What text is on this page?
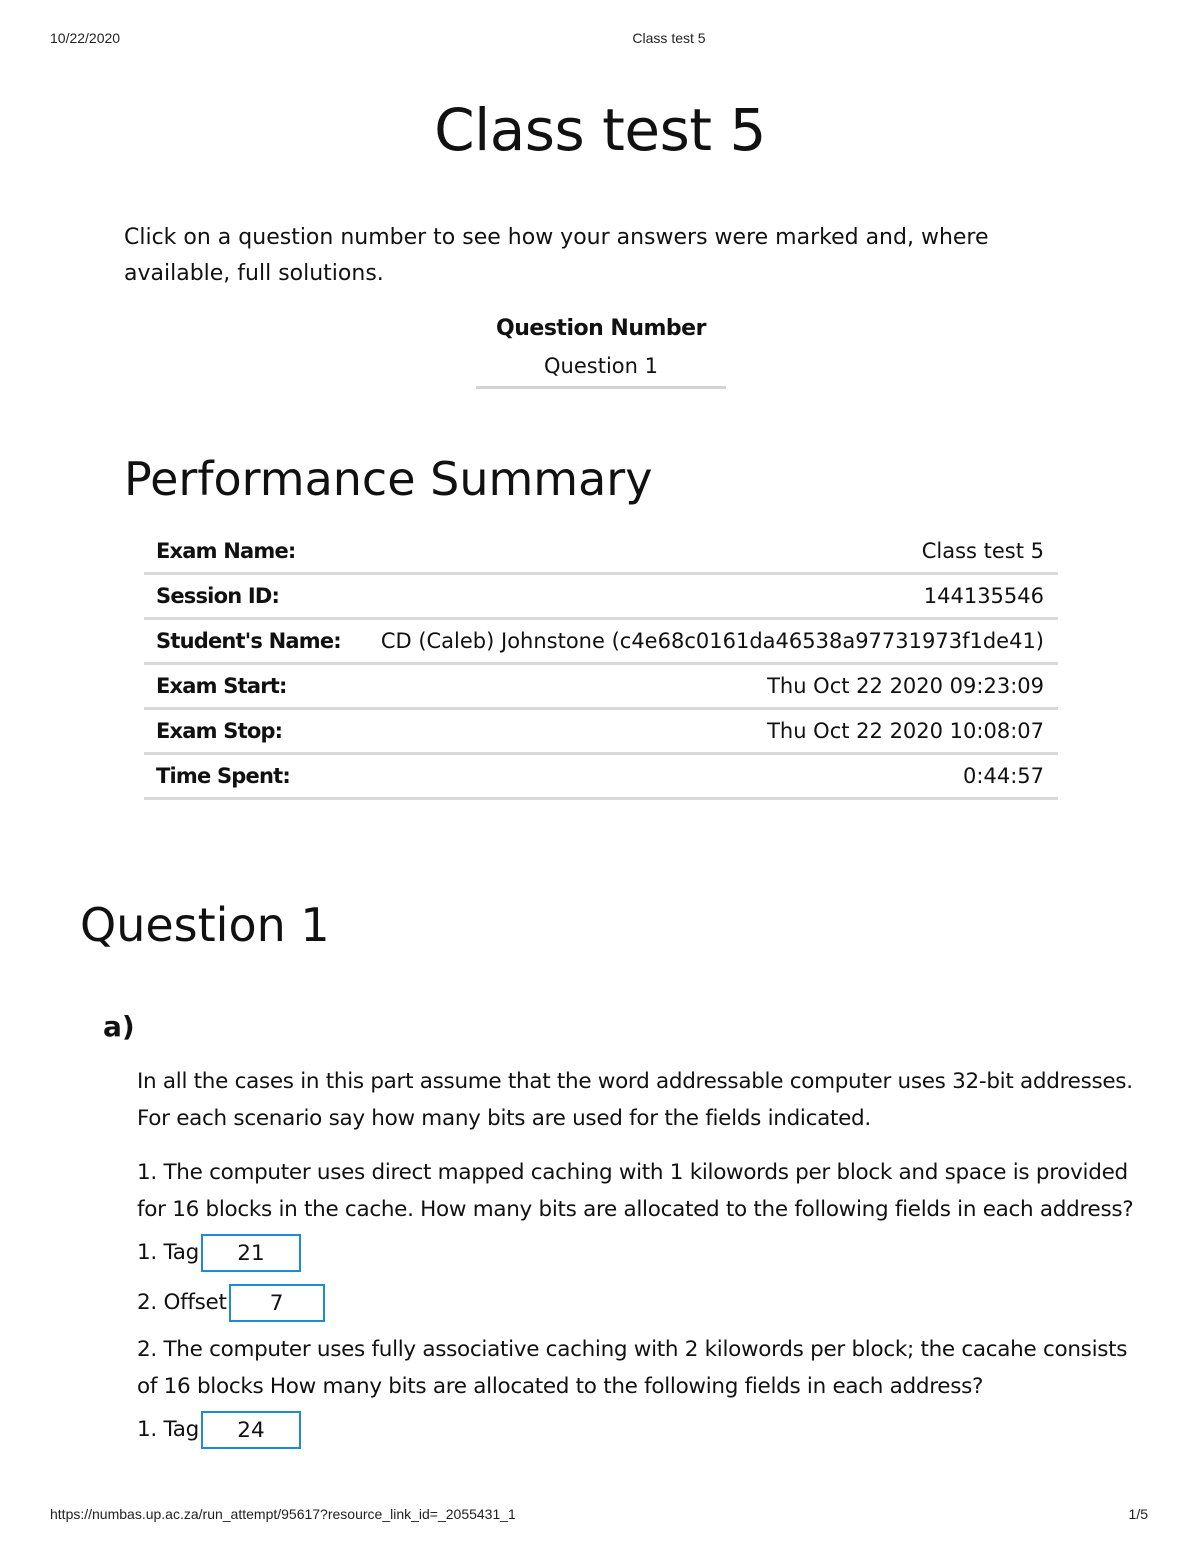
10/22/2020	Class test 5
Class test 5

Click on a question number to see how your answers were marked and, where available, full solutions.

Question Number
Question 1
Performance Summary
Exam Name:	Class test 5
Session ID:	144135546
Student's Name:	CD (Caleb) Johnstone (c4e68c0161da46538a97731973f1de41)
Exam Start:	Thu Oct 22 2020 09:23:09
Exam Stop:	Thu Oct 22 2020 10:08:07
Time Spent:	0:44:57
Question 1
a)

In all the cases in this part assume that the word addressable computer uses 32-bit addresses. For each scenario say how many bits are used for the fields indicated.

1. The computer uses direct mapped caching with 1 kilowords per block and space is provided for 16 blocks in the cache. How many bits are allocated to the following fields in each address?

1. Tag
21
2. Offset
7

2. The computer uses fully associative caching with 2 kilowords per block; the cacahe consists of 16 blocks How many bits are allocated to the following fields in each address?

1. Tag
24
https://numbas.up.ac.za/run_attempt/95617?resource_link_id=_2055431_1	1/5
